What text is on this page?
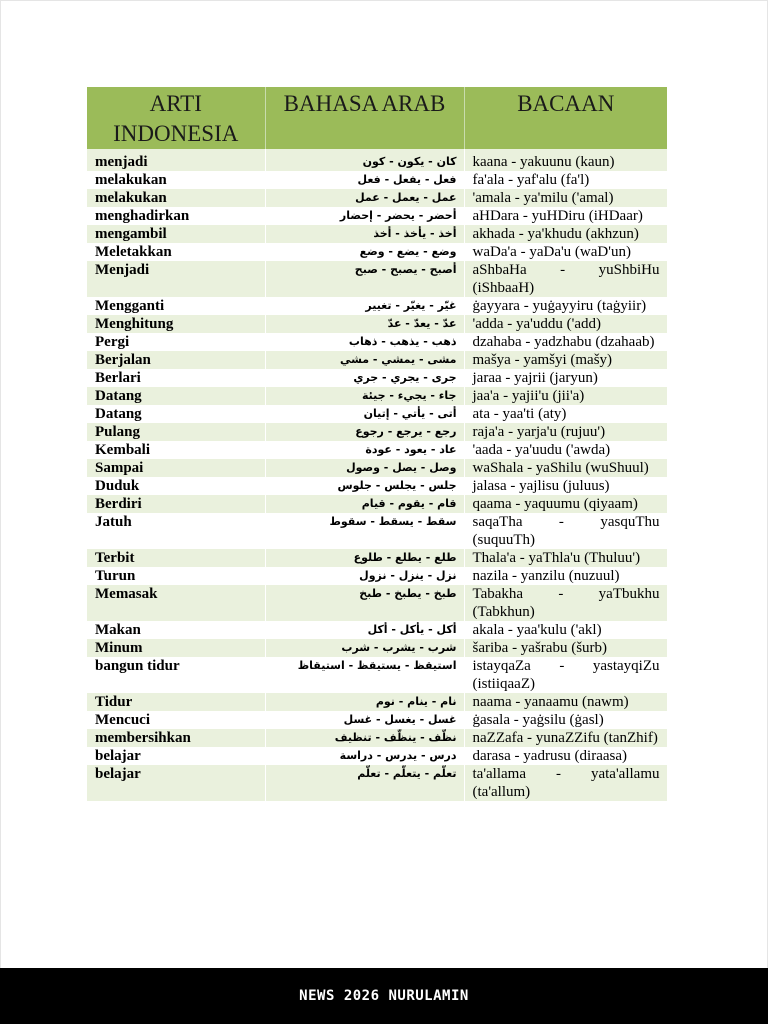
ARTI INDONESIA	BAHASA ARAB	BACAAN
menjadi	كان - يكون - كون	kaana - yakuunu (kaun)
melakukan	فعل - يفعل - فعل	fa'ala - yaf'alu (fa'l)
melakukan	عمل - يعمل - عمل	'amala - ya'milu ('amal)
menghadirkan	أحضر - يحضر - إحضار	aHDara - yuHDiru (iHDaar)
mengambil	أخذ - يأخذ - أخذ	akhada - ya'khudu (akhzun)
Meletakkan	وضع - يضع - وضع	waDa'a - yaDa'u (waD'un)
Menjadi	أصبح - يصبح - صبح	aShbaHa - yuShbiHu (iShbaaH)
Mengganti	غيّر - يغيّر - تغيير	ġayyara - yuġayyiru (taġyiir)
Menghitung	عدّ - يعدّ - عدّ	'adda - ya'uddu ('add)
Pergi	ذهب - يذهب - ذهاب	dzahaba - yadzhabu (dzahaab)
Berjalan	مشى - يمشي - مشي	mašya - yamšyi (mašy)
Berlari	جرى - يجري - جري	jaraa - yajrii (jaryun)
Datang	جاء - يجيء - جيئة	jaa'a - yajii'u (jii'a)
Datang	أتى - يأتي - إتيان	ata - yaa'ti (aty)
Pulang	رجع - يرجع - رجوع	raja'a - yarja'u (rujuu')
Kembali	عاد - يعود - عودة	'aada - ya'uudu ('awda)
Sampai	وصل - يصل - وصول	waShala - yaShilu (wuShuul)
Duduk	جلس - يجلس - جلوس	jalasa - yajlisu (juluus)
Berdiri	قام - يقوم - قيام	qaama - yaquumu (qiyaam)
Jatuh	سقط - يسقط - سقوط	saqaTha - yasquThu (suquuTh)
Terbit	طلع - يطلع - طلوع	Thala'a - yaThla'u (Thuluu')
Turun	نزل - ينزل - نزول	nazila - yanzilu (nuzuul)
Memasak	طبخ - يطبخ - طبخ	Tabakha - yaTbukhu (Tabkhun)
Makan	أكل - يأكل - أكل	akala - yaa'kulu ('akl)
Minum	شرب - يشرب - شرب	šariba - yašrabu (šurb)
bangun tidur	استيقظ - يستيقظ - استيقاظ	istayqaZa - yastayqiZu (istiiqaaZ)
Tidur	نام - ينام - نوم	naama - yanaamu (nawm)
Mencuci	غسل - يغسل - غسل	ġasala - yaġsilu (ġasl)
membersihkan	نظّف - ينظّف - تنظيف	naZZafa - yunaZZifu (tanZhif)
belajar	درس - يدرس - دراسة	darasa - yadrusu (diraasa)
belajar	تعلّم - يتعلّم - تعلّم	ta'allama - yata'allamu (ta'allum)
NEWS 2026 NURULAMIN
